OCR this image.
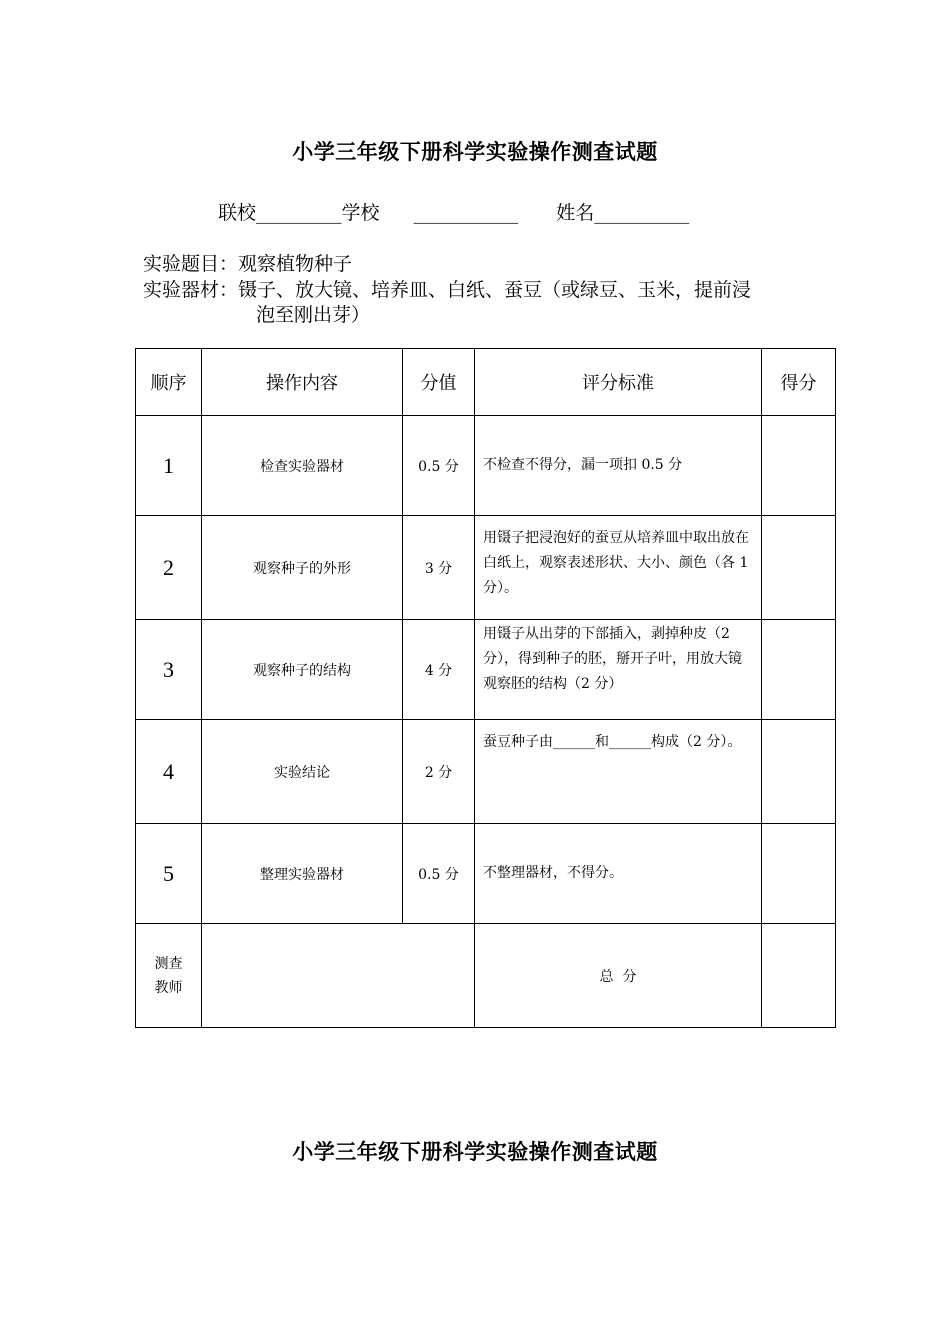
小学三年级下册科学实验操作测查试题
联校_________学校 ___________ 姓名__________
实验题目：观察植物种子
实验器材：镊子、放大镜、培养皿、白纸、蚕豆（或绿豆、玉米，提前浸
泡至刚出芽）
顺序	操作内容	分值	评分标准	得分
1	检查实验器材	0.5 分	不检查不得分，漏一项扣 0.5 分	
2	观察种子的外形	3 分	用镊子把浸泡好的蚕豆从培养皿中取出放在白纸上，观察表述形状、大小、颜色（各 1 分）。	
3	观察种子的结构	4 分	用镊子从出芽的下部插入，剥掉种皮（2 分），得到种子的胚，掰开子叶，用放大镜观察胚的结构（2 分）	
4	实验结论	2 分	蚕豆种子由______和______构成（2 分）。	
5	整理实验器材	0.5 分	不整理器材，不得分。	
测查
教师			总  分	
小学三年级下册科学实验操作测查试题
